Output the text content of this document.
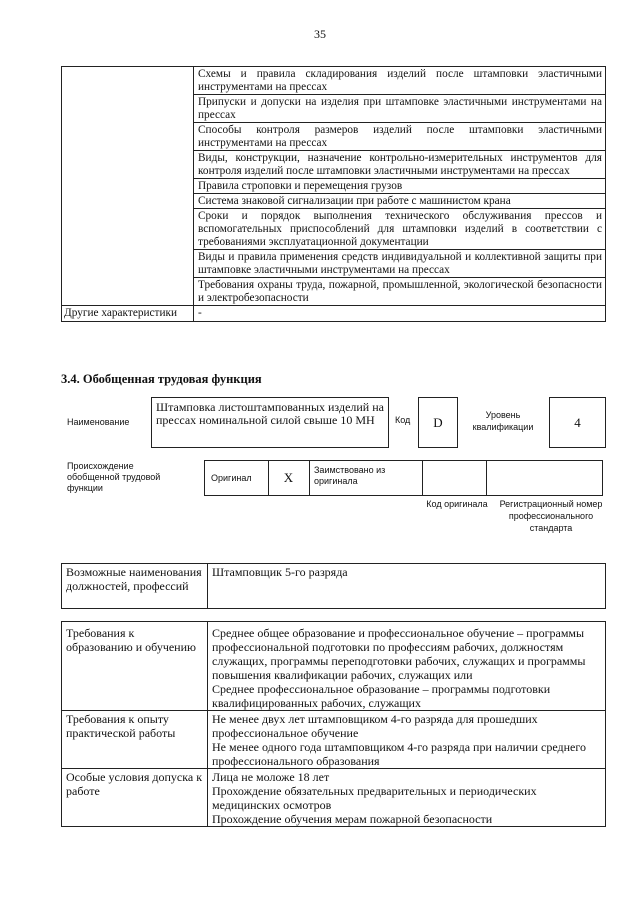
35
	Схемы и правила складирования изделий после штамповки эластичными инструментами на прессах
	Припуски и допуски на изделия при штамповке эластичными инструментами на прессах
	Способы контроля размеров изделий после штамповки эластичными инструментами на прессах
	Виды, конструкции, назначение контрольно-измерительных инструментов для контроля изделий после штамповки эластичными инструментами на прессах
	Правила строповки и перемещения грузов
	Система знаковой сигнализации при работе с машинистом крана
	Сроки и порядок выполнения технического обслуживания прессов и вспомогательных приспособлений для штамповки изделий в соответствии с требованиями эксплуатационной документации
	Виды и правила применения средств индивидуальной и коллективной защиты при штамповке эластичными инструментами на прессах
	Требования охраны труда, пожарной, промышленной, экологической безопасности и электробезопасности
Другие характеристики	-
3.4. Обобщенная трудовая функция
Наименование
Штамповка листоштампованных изделий на прессах номинальной силой свыше 10 МН	Код	D	Уровень квалификации	4
Происхождение обобщенной трудовой функции
Оригинал	X	Заимствовано из оригинала
Код оригинала Регистрационный номер профессионального стандарта
Возможные наименования должностей, профессий	Штамповщик 5-го разряда
Требования к образованию и обучению	Среднее общее образование и профессиональное обучение – программы профессиональной подготовки по профессиям рабочих, должностям служащих, программы переподготовки рабочих, служащих и программы повышения квалификации рабочих, служащих или
Среднее профессиональное образование – программы подготовки квалифицированных рабочих, служащих

Требования к опыту практической работы	Не менее двух лет штамповщиком 4-го разряда для прошедших профессиональное обучение
Не менее одного года штамповщиком 4-го разряда при наличии среднего профессионального образования

Особые условия допуска к работе	Лица не моложе 18 лет
Прохождение обязательных предварительных и периодических медицинских осмотров
Прохождение обучения мерам пожарной безопасности
